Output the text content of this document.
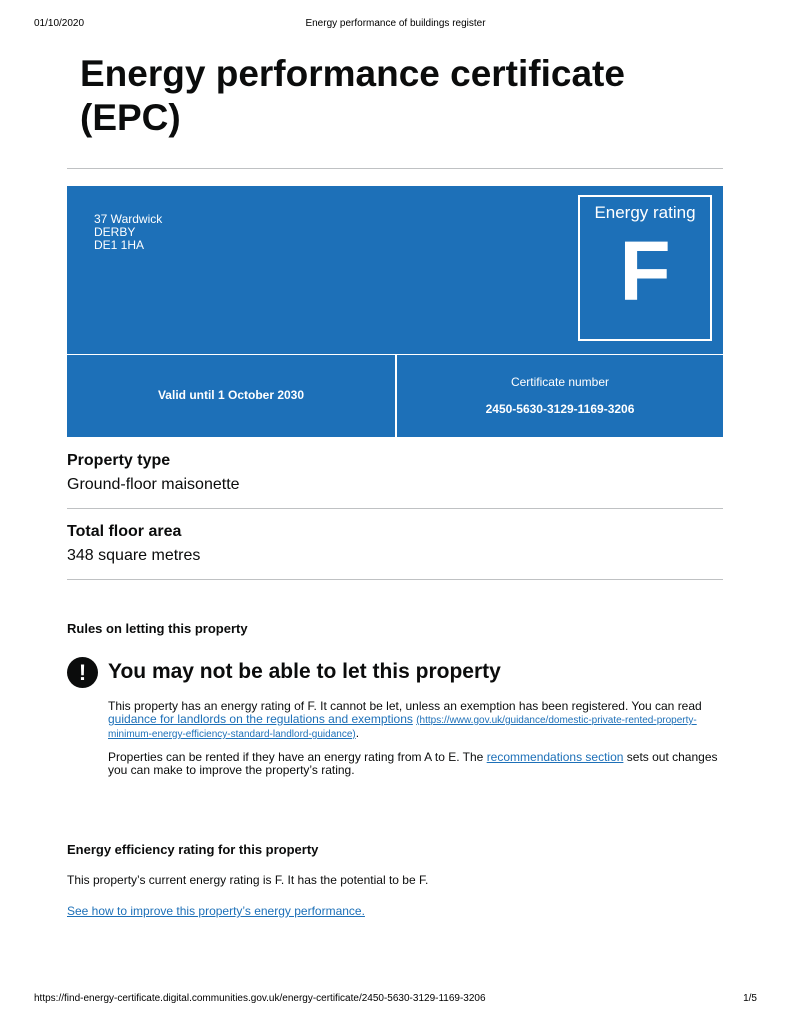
01/10/2020	Energy performance of buildings register
Energy performance certificate
(EPC)
37 Wardwick
DERBY
DE1 1HA
Energy rating
F
Valid until 1 October 2030
Certificate number
2450-5630-3129-1169-3206
Property type

Ground-floor maisonette

Total floor area

348 square metres

Rules on letting this property
!	You may not be able to let this property

This property has an energy rating of F. It cannot be let, unless an exemption has been registered. You can read guidance for landlords on the regulations and exemptions (https://www.gov.uk/guidance/domestic-private-rented-property-minimum-energy-efficiency-standard-landlord-guidance).

Properties can be rented if they have an energy rating from A to E. The recommendations section sets out changes you can make to improve the property’s rating.

Energy efficiency rating for this property

This property’s current energy rating is F. It has the potential to be F.

See how to improve this property’s energy performance.

https://find-energy-certificate.digital.communities.gov.uk/energy-certificate/2450-5630-3129-1169-3206	1/5
